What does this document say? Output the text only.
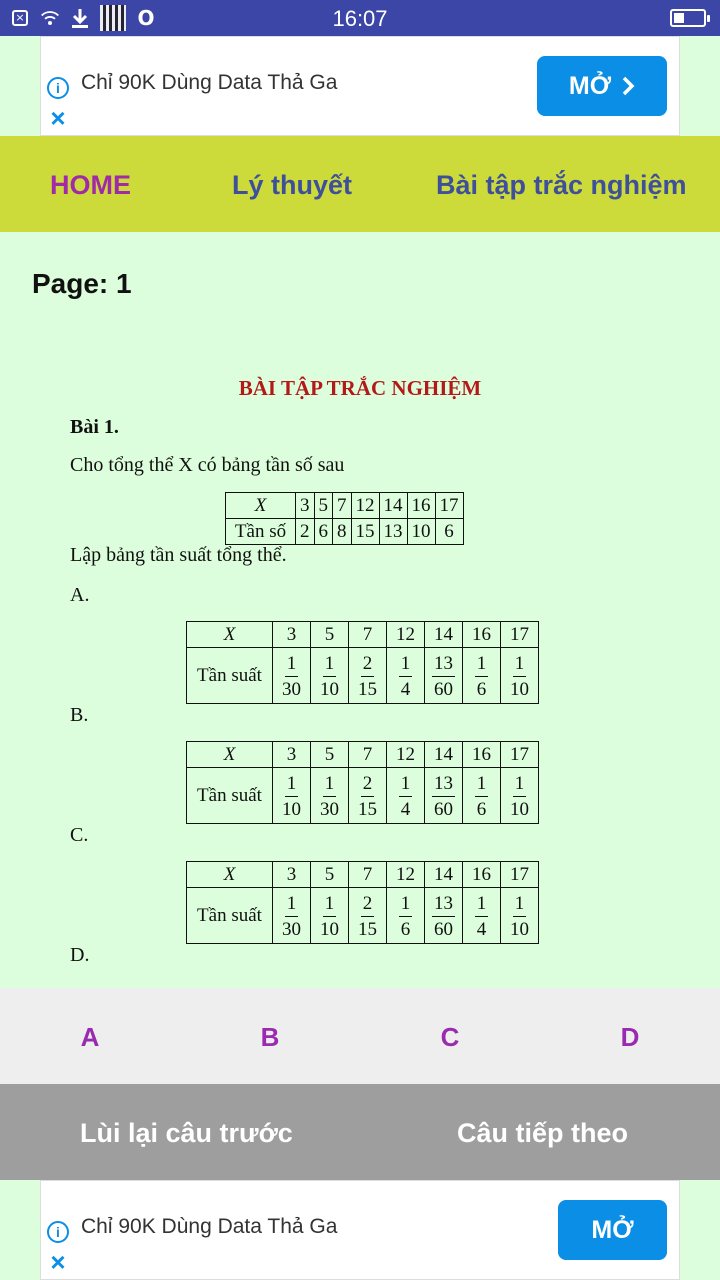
×	O	16:07
i
×
Chỉ 90K Dùng Data Thả Ga	MỞ
HOME	Lý thuyết	Bài tập trắc nghiệm
Page: 1
BÀI TẬP TRẮC NGHIỆM
Bài 1.
Cho tổng thể X có bảng tần số sau
X	3	5	7	12	14	16	17
Tần số	2	6	8	15	13	10	6
Lập bảng tần suất tổng thể.
A.
X	3	5	7	12	14	16	17
Tần suất	$\frac{1}{30}$	$\frac{1}{10}$	$\frac{2}{15}$	$\frac{1}{4}$	$\frac{13}{60}$	$\frac{1}{6}$	$\frac{1}{10}$
B.
X	3	5	7	12	14	16	17
Tần suất	$\frac{1}{10}$	$\frac{1}{30}$	$\frac{2}{15}$	$\frac{1}{4}$	$\frac{13}{60}$	$\frac{1}{6}$	$\frac{1}{10}$
C.
X	3	5	7	12	14	16	17
Tần suất	$\frac{1}{30}$	$\frac{1}{10}$	$\frac{2}{15}$	$\frac{1}{6}$	$\frac{13}{60}$	$\frac{1}{4}$	$\frac{1}{10}$
D.
A	B	C	D
Lùi lại câu trước	Câu tiếp theo
i
×
Chỉ 90K Dùng Data Thả Ga	MỞ
